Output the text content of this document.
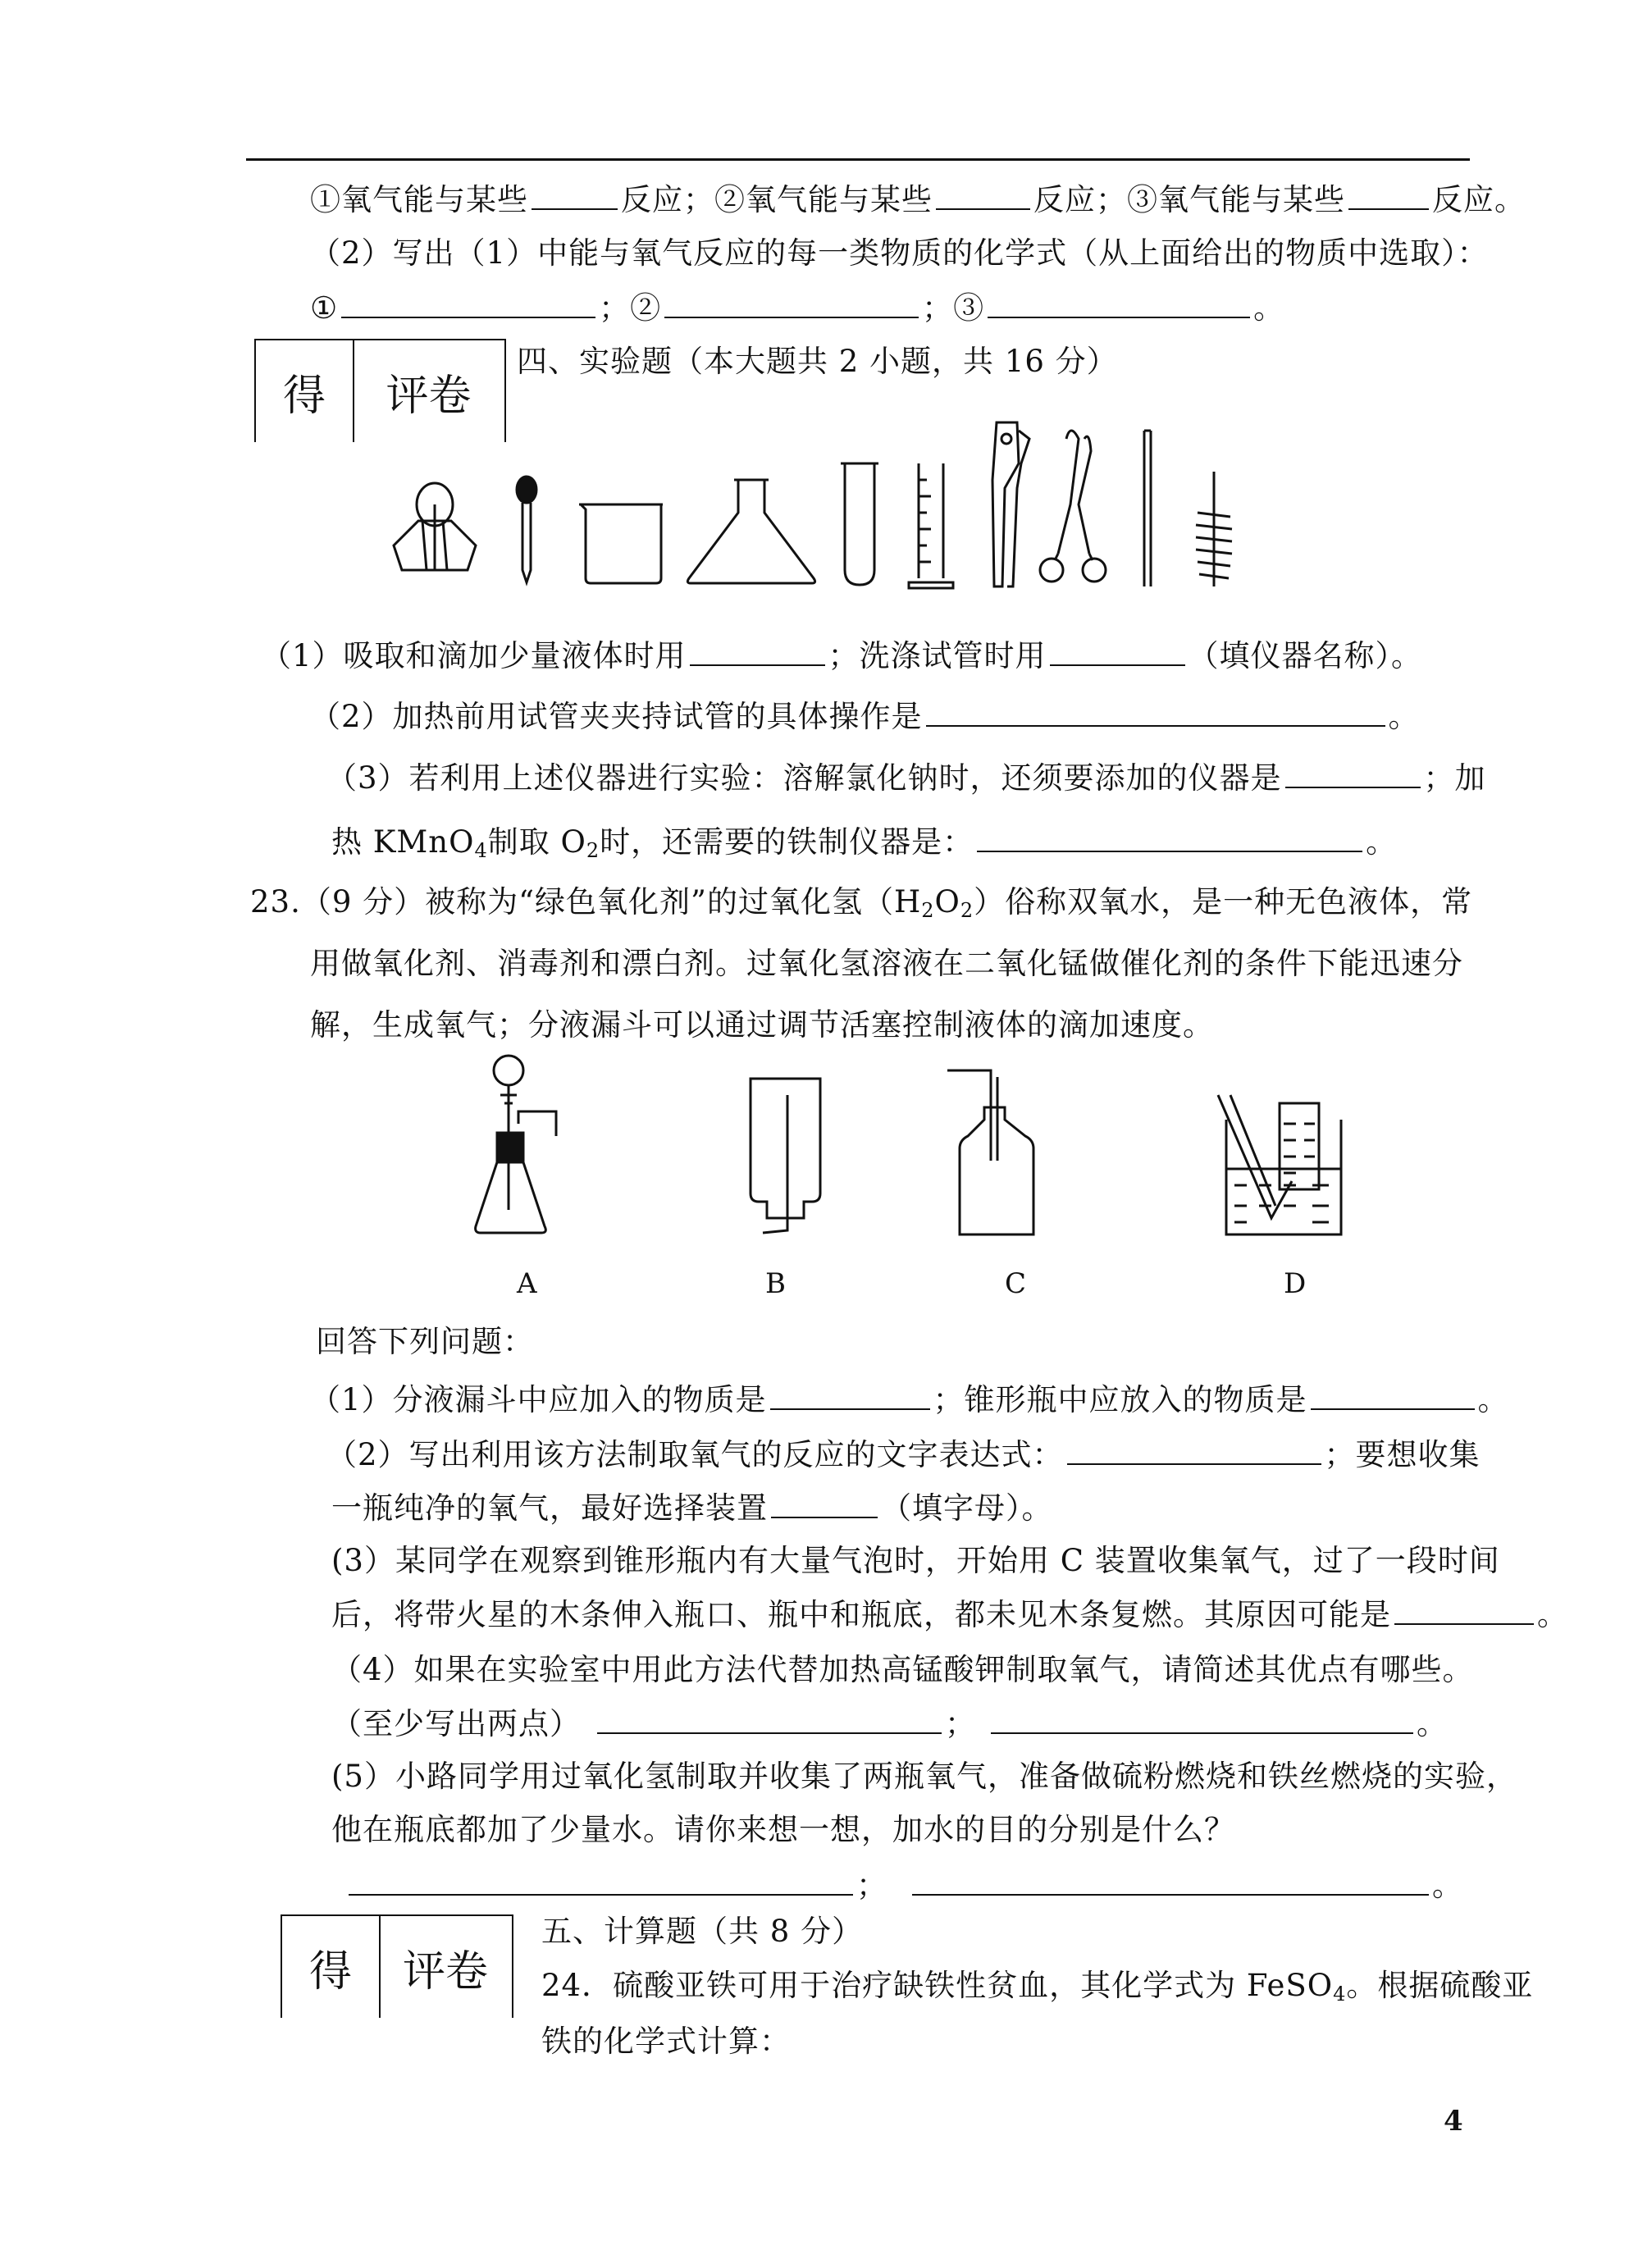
①氧气能与某些	反应；②氧气能与某些	反应；③氧气能与某些	反应。
（2）写出（1）中能与氧气反应的每一类物质的化学式（从上面给出的物质中选取）：
①	；②	；③	。
得	评卷
四、实验题（本大题共 2 小题，共 16 分）
（1）吸取和滴加少量液体时用	；洗涤试管时用	（填仪器名称）。
（2）加热前用试管夹夹持试管的具体操作是	。
（3）若利用上述仪器进行实验：溶解氯化钠时，还须要添加的仪器是	；加
热 KMnO$_4$制取 $O_2$时，还需要的铁制仪器是：	。
23.（9 分）被称为“绿色氧化剂”的过氧化氢$(H_2O_2)$俗称双氧水，是一种无色液体，常
用做氧化剂、消毒剂和漂白剂。过氧化氢溶液在二氧化锰做催化剂的条件下能迅速分
解，生成氧气；分液漏斗可以通过调节活塞控制液体的滴加速度。
A	B	C	D
回答下列问题：
（1）分液漏斗中应加入的物质是	；锥形瓶中应放入的物质是	。
（2）写出利用该方法制取氧气的反应的文字表达式：	；要想收集
一瓶纯净的氧气，最好选择装置	（填字母）。
(3）某同学在观察到锥形瓶内有大量气泡时，开始用 C 装置收集氧气，过了一段时间
后，将带火星的木条伸入瓶口、瓶中和瓶底，都未见木条复燃。其原因可能是	。
（4）如果在实验室中用此方法代替加热高锰酸钾制取氧气，请简述其优点有哪些。
（至少写出两点）	；	。
(5）小路同学用过氧化氢制取并收集了两瓶氧气，准备做硫粉燃烧和铁丝燃烧的实验，
他在瓶底都加了少量水。请你来想一想，加水的目的分别是什么？
；	。
得	评卷
五、计算题（共 8 分）
24．硫酸亚铁可用于治疗缺铁性贫血，其化学式为 FeSO$_4$。根据硫酸亚
铁的化学式计算：
4
